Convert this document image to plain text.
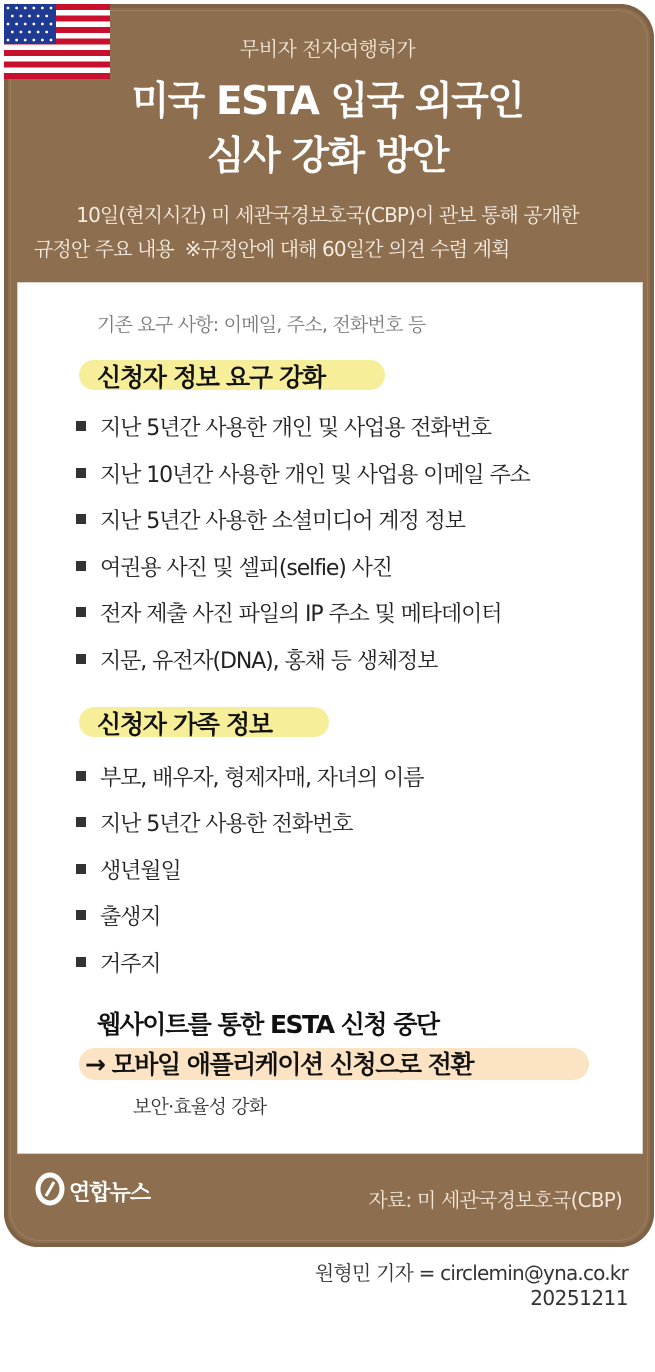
무비자 전자여행허가
미국 ESTA 입국 외국인
심사 강화 방안
10일(현지시간) 미 세관국경보호국(CBP)이 관보 통해 공개한
규정안 주요 내용  ※규정안에 대해 60일간 의견 수렴 계획
기존 요구 사항: 이메일, 주소, 전화번호 등
신청자 정보 요구 강화
지난 5년간 사용한 개인 및 사업용 전화번호
지난 10년간 사용한 개인 및 사업용 이메일 주소
지난 5년간 사용한 소셜미디어 계정 정보
여권용 사진 및 셀피(selfie) 사진
전자 제출 사진 파일의 IP 주소 및 메타데이터
지문, 유전자(DNA), 홍채 등 생체정보
신청자 가족 정보
부모, 배우자, 형제자매, 자녀의 이름
지난 5년간 사용한 전화번호
생년월일
출생지
거주지
웹사이트를 통한 ESTA 신청 중단
→ 모바일 애플리케이션 신청으로 전환
보안·효율성 강화
연합뉴스	자료: 미 세관국경보호국(CBP)
원형민 기자 = circlemin@yna.co.kr
20251211
